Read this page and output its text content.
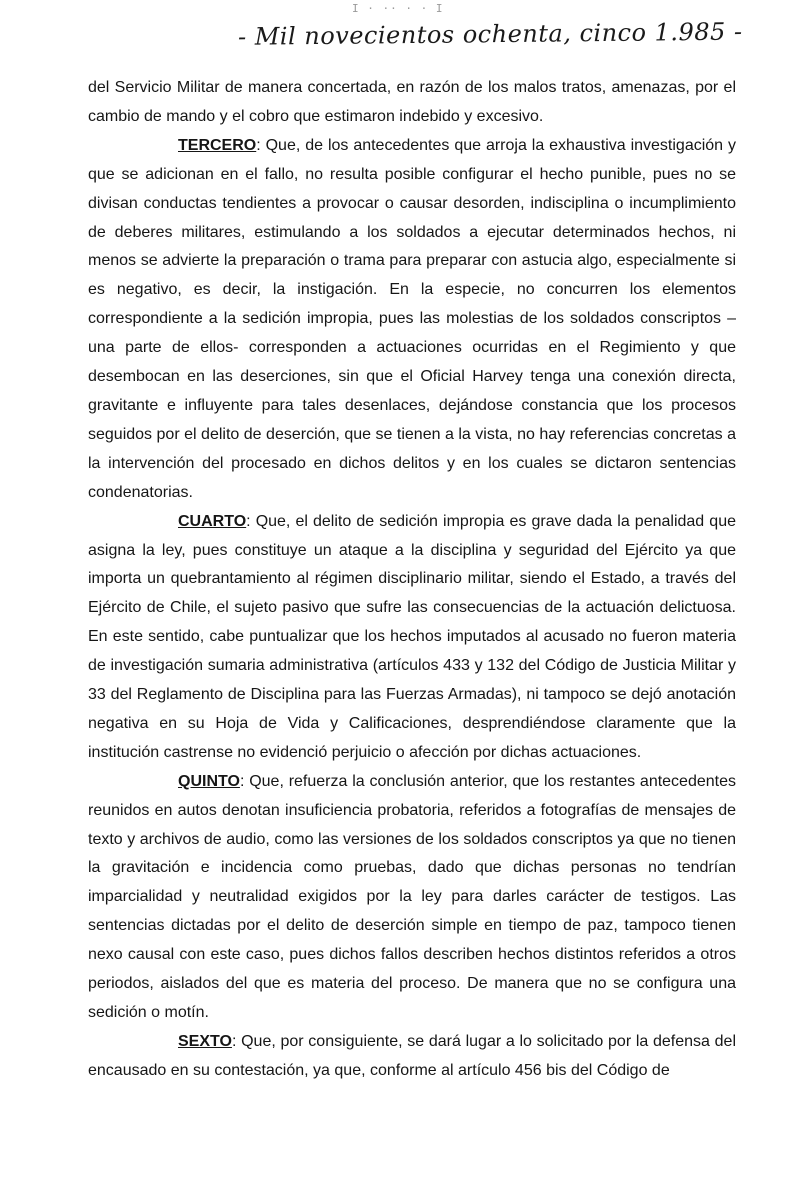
I · ·· · · I
- Mil novecientos ochenta, cinco 1.985 -

del Servicio Militar de manera concertada, en razón de los malos tratos, amenazas, por el cambio de mando y el cobro que estimaron indebido y excesivo.

TERCERO: Que, de los antecedentes que arroja la exhaustiva investigación y que se adicionan en el fallo, no resulta posible configurar el hecho punible, pues no se divisan conductas tendientes a provocar o causar desorden, indisciplina o incumplimiento de deberes militares, estimulando a los soldados a ejecutar determinados hechos, ni menos se advierte la preparación o trama para preparar con astucia algo, especialmente si es negativo, es decir, la instigación. En la especie, no concurren los elementos correspondiente a la sedición impropia, pues las molestias de los soldados conscriptos –una parte de ellos- corresponden a actuaciones ocurridas en el Regimiento y que desembocan en las deserciones, sin que el Oficial Harvey tenga una conexión directa, gravitante e influyente para tales desenlaces, dejándose constancia que los procesos seguidos por el delito de deserción, que se tienen a la vista, no hay referencias concretas a la intervención del procesado en dichos delitos y en los cuales se dictaron sentencias condenatorias.

CUARTO: Que, el delito de sedición impropia es grave dada la penalidad que asigna la ley, pues constituye un ataque a la disciplina y seguridad del Ejército ya que importa un quebrantamiento al régimen disciplinario militar, siendo el Estado, a través del Ejército de Chile, el sujeto pasivo que sufre las consecuencias de la actuación delictuosa. En este sentido, cabe puntualizar que los hechos imputados al acusado no fueron materia de investigación sumaria administrativa (artículos 433 y 132 del Código de Justicia Militar y 33 del Reglamento de Disciplina para las Fuerzas Armadas), ni tampoco se dejó anotación negativa en su Hoja de Vida y Calificaciones, desprendiéndose claramente que la institución castrense no evidenció perjuicio o afección por dichas actuaciones.

QUINTO: Que, refuerza la conclusión anterior, que los restantes antecedentes reunidos en autos denotan insuficiencia probatoria, referidos a fotografías de mensajes de texto y archivos de audio, como las versiones de los soldados conscriptos ya que no tienen la gravitación e incidencia como pruebas, dado que dichas personas no tendrían imparcialidad y neutralidad exigidos por la ley para darles carácter de testigos. Las sentencias dictadas por el delito de deserción simple en tiempo de paz, tampoco tienen nexo causal con este caso, pues dichos fallos describen hechos distintos referidos a otros periodos, aislados del que es materia del proceso. De manera que no se configura una sedición o motín.

SEXTO: Que, por consiguiente, se dará lugar a lo solicitado por la defensa del encausado en su contestación, ya que, conforme al artículo 456 bis del Código de
